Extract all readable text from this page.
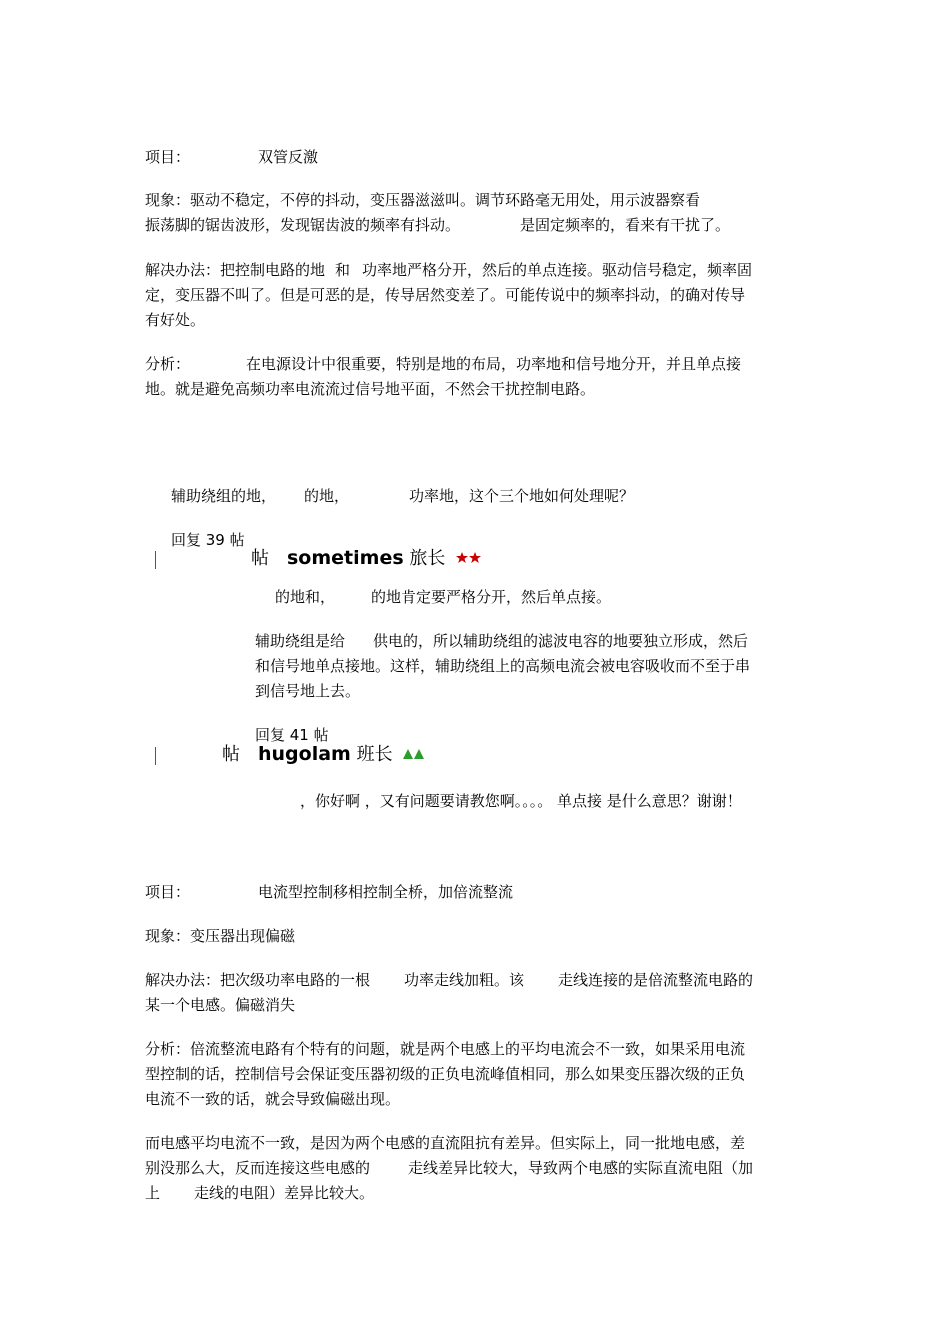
项目：	双管反激
现象：驱动不稳定，不停的抖动，变压器滋滋叫。调节环路毫无用处，用示波器察看
振荡脚的锯齿波形，发现锯齿波的频率有抖动。	是固定频率的，看来有干扰了。
解决办法：把控制电路的地 和 功率地严格分开，然后的单点连接。驱动信号稳定，频率固
定，变压器不叫了。但是可恶的是，传导居然变差了。可能传说中的频率抖动，的确对传导
有好处。
分析：	在电源设计中很重要，特别是地的布局，功率地和信号地分开，并且单点接
地。就是避免高频功率电流流过信号地平面，不然会干扰控制电路。
辅助绕组的地， 的地，	功率地，这个三个地如何处理呢？
回复 39 帖
帖 sometimes 旅长
的地和， 的地肯定要严格分开，然后单点接。
辅助绕组是给 供电的，所以辅助绕组的滤波电容的地要独立形成，然后
和信号地单点接地。这样，辅助绕组上的高频电流会被电容吸收而不至于串
到信号地上去。
回复 41 帖
帖 hugolam 班长
，你好啊 ，又有问题要请教您啊。。。。 单点接 是什么意思？谢谢！
项目：	电流型控制移相控制全桥，加倍流整流
现象：变压器出现偏磁
解决办法：把次级功率电路的一根 功率走线加粗。该 走线连接的是倍流整流电路的
某一个电感。偏磁消失
分析：倍流整流电路有个特有的问题，就是两个电感上的平均电流会不一致，如果采用电流
型控制的话，控制信号会保证变压器初级的正负电流峰值相同，那么如果变压器次级的正负
电流不一致的话，就会导致偏磁出现。
而电感平均电流不一致，是因为两个电感的直流阻抗有差异。但实际上，同一批地电感，差
别没那么大，反而连接这些电感的	走线差异比较大，导致两个电感的实际直流电阻（加
上 走线的电阻）差异比较大。
